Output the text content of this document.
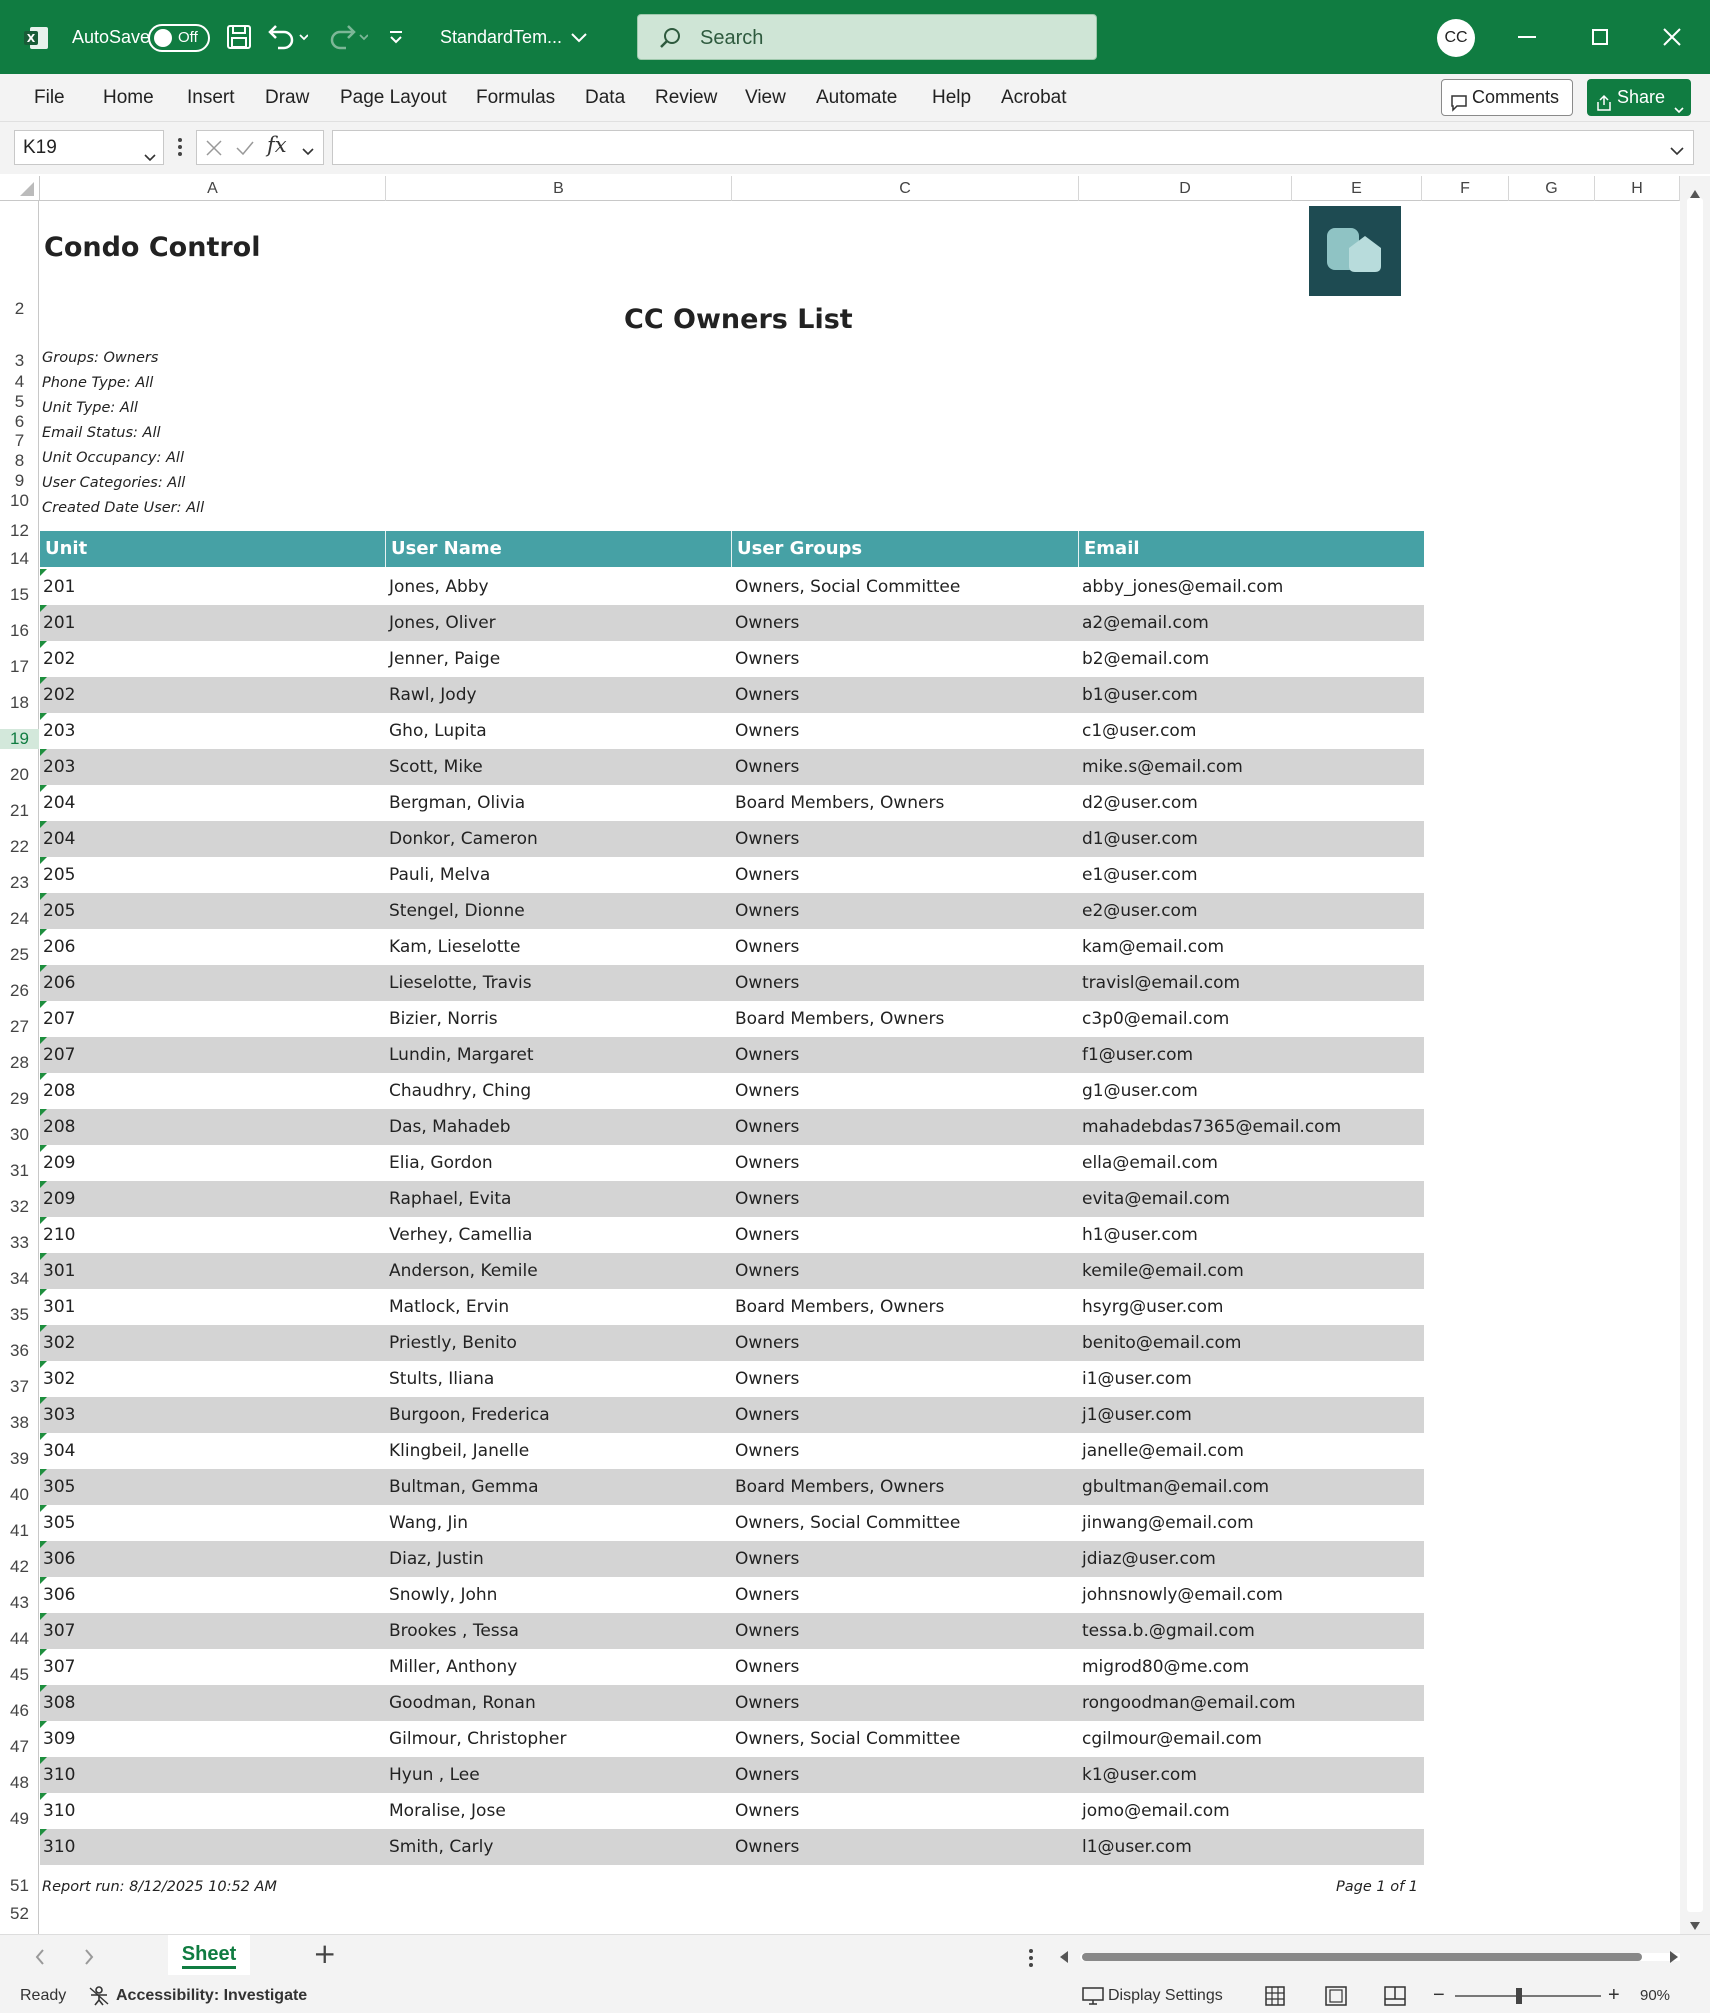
X AutoSave Off	StandardTem...	Search	CC
File Home Insert Draw Page Layout Formulas Data Review View Automate Help Acrobat	Comments	Share
K19	fx
A	B	C	D	E	F	G	H
2
3
4
5
6
7
8
9
10
12
14
15
16
17
18
19
20
21
22
23
24
25
26
27
28
29
30
31
32
33
34
35
36
37
38
39
40
41
42
43
44
45
46
47
48
49
51
52
Condo Control
CC Owners List
Groups: Owners
Phone Type: All
Unit Type: All
Email Status: All
Unit Occupancy: All
User Categories: All
Created Date User: All
Unit	User Name	User Groups	Email
201	Jones, Abby	Owners, Social Committee	abby_jones@email.com
201	Jones, Oliver	Owners	a2@email.com
202	Jenner, Paige	Owners	b2@email.com
202	Rawl, Jody	Owners	b1@user.com
203	Gho, Lupita	Owners	c1@user.com
203	Scott, Mike	Owners	mike.s@email.com
204	Bergman, Olivia	Board Members, Owners	d2@user.com
204	Donkor, Cameron	Owners	d1@user.com
205	Pauli, Melva	Owners	e1@user.com
205	Stengel, Dionne	Owners	e2@user.com
206	Kam, Lieselotte	Owners	kam@email.com
206	Lieselotte, Travis	Owners	travisl@email.com
207	Bizier, Norris	Board Members, Owners	c3p0@email.com
207	Lundin, Margaret	Owners	f1@user.com
208	Chaudhry, Ching	Owners	g1@user.com
208	Das, Mahadeb	Owners	mahadebdas7365@email.com
209	Elia, Gordon	Owners	ella@email.com
209	Raphael, Evita	Owners	evita@email.com
210	Verhey, Camellia	Owners	h1@user.com
301	Anderson, Kemile	Owners	kemile@email.com
301	Matlock, Ervin	Board Members, Owners	hsyrg@user.com
302	Priestly, Benito	Owners	benito@email.com
302	Stults, Iliana	Owners	i1@user.com
303	Burgoon, Frederica	Owners	j1@user.com
304	Klingbeil, Janelle	Owners	janelle@email.com
305	Bultman, Gemma	Board Members, Owners	gbultman@email.com
305	Wang, Jin	Owners, Social Committee	jinwang@email.com
306	Diaz, Justin	Owners	jdiaz@user.com
306	Snowly, John	Owners	johnsnowly@email.com
307	Brookes , Tessa	Owners	tessa.b.@gmail.com
307	Miller, Anthony	Owners	migrod80@me.com
308	Goodman, Ronan	Owners	rongoodman@email.com
309	Gilmour, Christopher	Owners, Social Committee	cgilmour@email.com
310	Hyun , Lee	Owners	k1@user.com
310	Moralise, Jose	Owners	jomo@email.com
310	Smith, Carly	Owners	l1@user.com
Report run: 8/12/2025 10:52 AM	Page 1 of 1
Sheet	+
Ready	Accessibility: Investigate	Display Settings	−	+ 90%
